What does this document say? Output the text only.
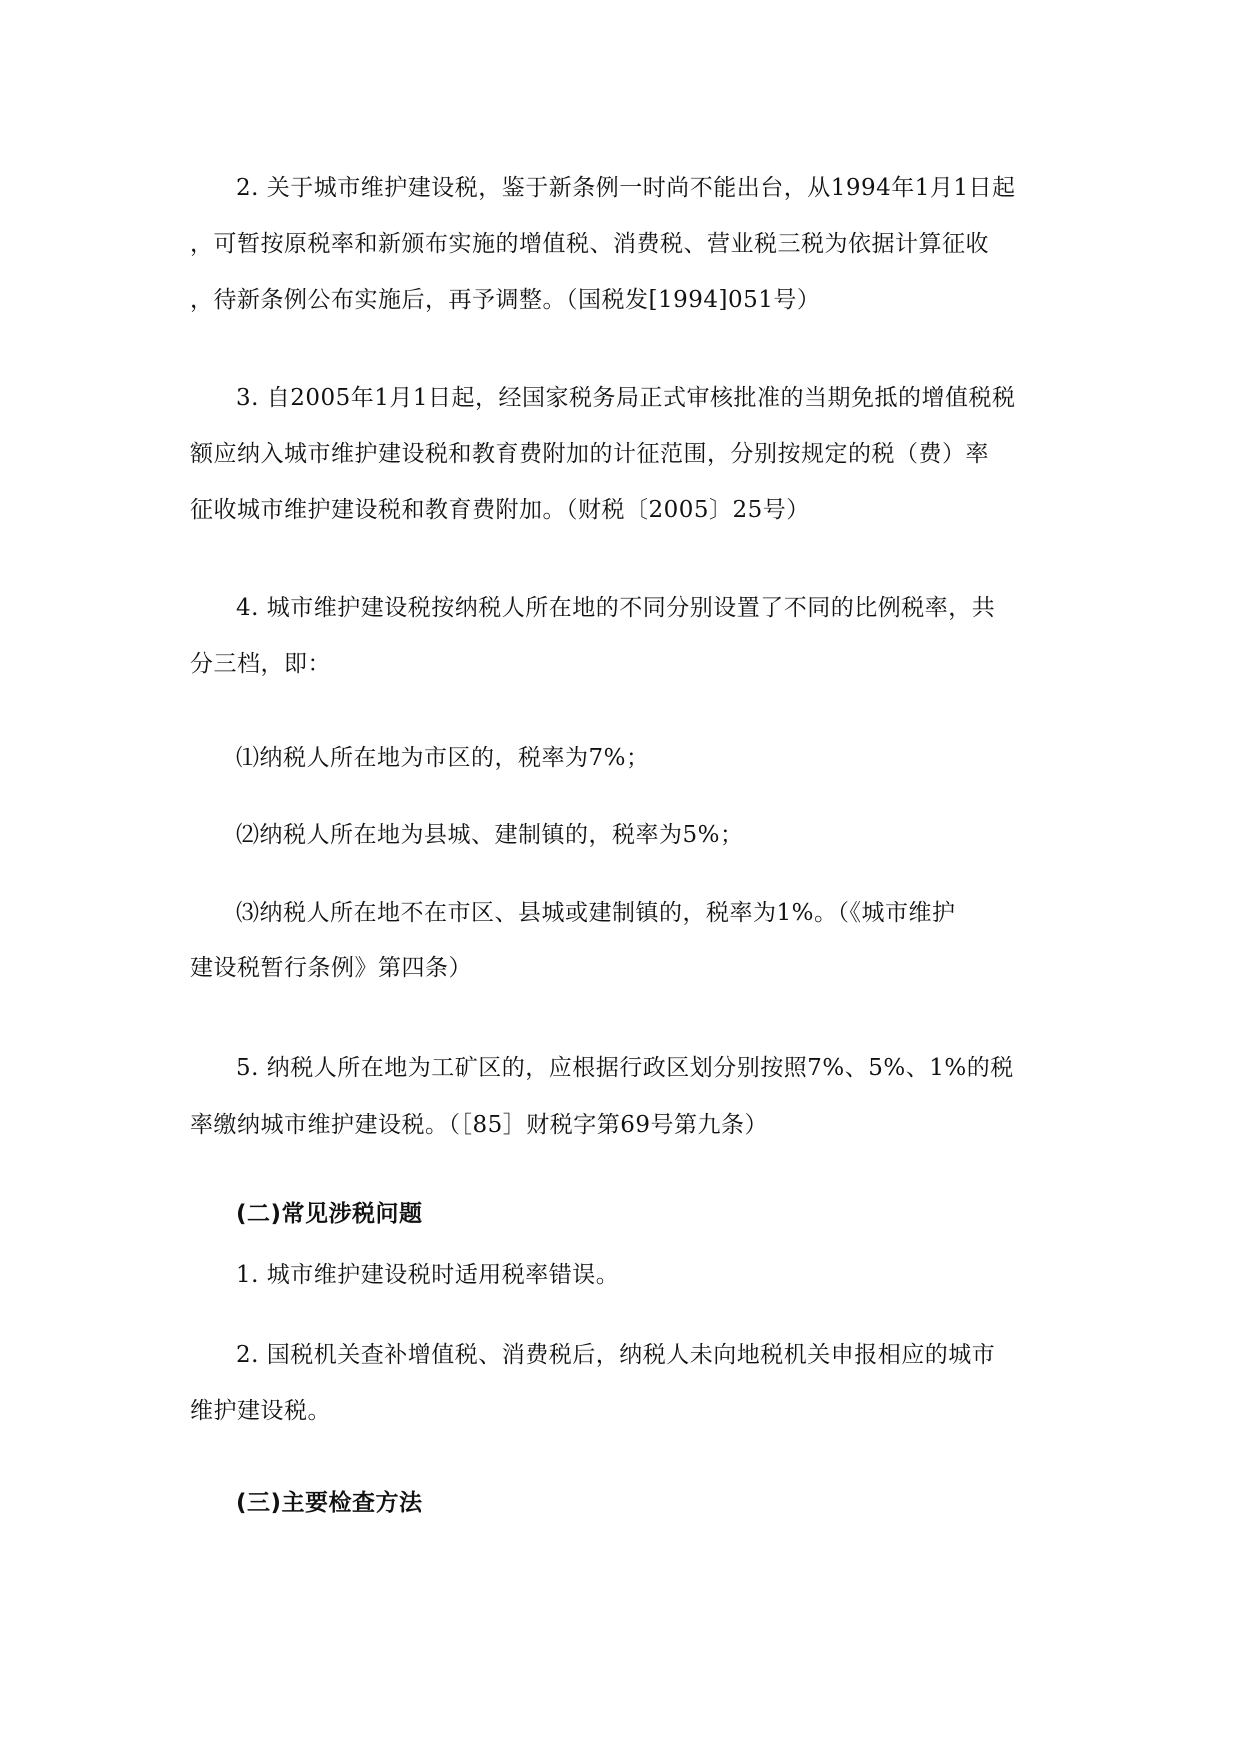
2. 关于城市维护建设税，鉴于新条例一时尚不能出台，从1994年1月1日起
，可暂按原税率和新颁布实施的增值税、消费税、营业税三税为依据计算征收
，待新条例公布实施后，再予调整。（国税发[1994]051号）
3. 自2005年1月1日起，经国家税务局正式审核批准的当期免抵的增值税税
额应纳入城市维护建设税和教育费附加的计征范围，分别按规定的税（费）率
征收城市维护建设税和教育费附加。（财税〔2005〕25号）
4. 城市维护建设税按纳税人所在地的不同分别设置了不同的比例税率，共
分三档，即：
⑴纳税人所在地为市区的，税率为7%；
⑵纳税人所在地为县城、建制镇的，税率为5%；
⑶纳税人所在地不在市区、县城或建制镇的，税率为1%。（《城市维护
建设税暂行条例》第四条）
5. 纳税人所在地为工矿区的，应根据行政区划分别按照7%、5%、1%的税
率缴纳城市维护建设税。（［85］财税字第69号第九条）
(二)常见涉税问题
1. 城市维护建设税时适用税率错误。
2. 国税机关查补增值税、消费税后，纳税人未向地税机关申报相应的城市
维护建设税。
(三)主要检查方法
